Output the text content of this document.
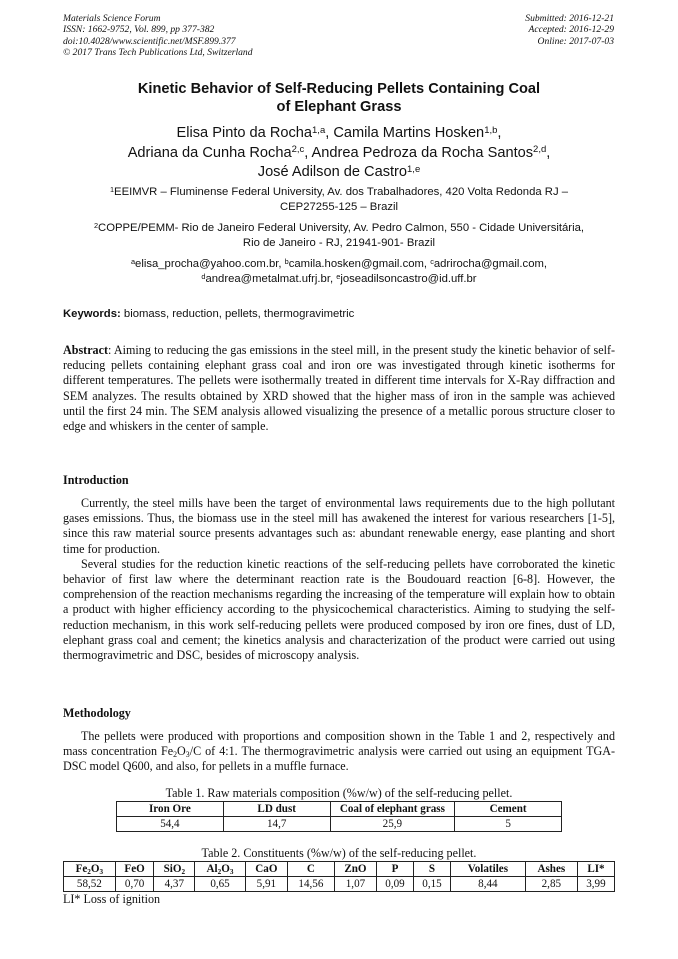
Materials Science Forum
ISSN: 1662-9752, Vol. 899, pp 377-382
doi:10.4028/www.scientific.net/MSF.899.377
© 2017 Trans Tech Publications Ltd, Switzerland
Submitted: 2016-12-21
Accepted: 2016-12-29
Online: 2017-07-03
Kinetic Behavior of Self-Reducing Pellets Containing Coal
of Elephant Grass
Elisa Pinto da Rocha$^{1,a}$, Camila Martins Hosken$^{1,b}$,
Adriana da Cunha Rocha$^{2,c}$, Andrea Pedroza da Rocha Santos$^{2,d}$,
José Adilson de Castro$^{1,e}$
$^1$EEIMVR – Fluminense Federal University, Av. dos Trabalhadores, 420 Volta Redonda RJ –
CEP27255-125 – Brazil
$^2$COPPE/PEMM- Rio de Janeiro Federal University, Av. Pedro Calmon, 550 - Cidade Universitária,
Rio de Janeiro - RJ, 21941-901- Brazil
$^a$elisa_procha@yahoo.com.br, $^b$camila.hosken@gmail.com, $^c$adrirocha@gmail.com,
$^d$andrea@metalmat.ufrj.br, $^e$joseadilsoncastro@id.uff.br
Keywords: biomass, reduction, pellets, thermogravimetric
Abstract: Aiming to reducing the gas emissions in the steel mill, in the present study the kinetic behavior of self-reducing pellets containing elephant grass coal and iron ore was investigated through kinetic isotherms for different temperatures. The pellets were isothermally treated in different time intervals for X-Ray diffraction and SEM analyzes. The results obtained by XRD showed that the higher mass of iron in the sample was achieved until the first 24 min. The SEM analysis allowed visualizing the presence of a metallic porous structure closer to edge and whiskers in the center of sample.
Introduction

Currently, the steel mills have been the target of environmental laws requirements due to the high pollutant gases emissions. Thus, the biomass use in the steel mill has awakened the interest for various researchers [1-5], since this raw material source presents advantages such as: abundant renewable energy, ease planting and short time for production.

Several studies for the reduction kinetic reactions of the self-reducing pellets have corroborated the kinetic behavior of first law where the determinant reaction rate is the Boudouard reaction [6-8]. However, the comprehension of the reaction mechanisms regarding the increasing of the temperature will explain how to obtain a product with higher efficiency according to the physicochemical characteristics. Aiming to studying the self-reduction mechanism, in this work self-reducing pellets were produced composed by iron ore fines, dust of LD, elephant grass coal and cement; the kinetics analysis and characterization of the product were carried out using thermogravimetric and DSC, besides of microscopy analysis.

Methodology

The pellets were produced with proportions and composition shown in the Table 1 and 2, respectively and mass concentration $Fe_2O_3/C$ of 4:1. The thermogravimetric analysis were carried out using an equipment TGA-DSC model Q600, and also, for pellets in a muffle furnace.

Table 1. Raw materials composition (%w/w) of the self-reducing pellet.
Iron Ore	LD dust	Coal of elephant grass	Cement
54,4	14,7	25,9	5
Table 2. Constituents (%w/w) of the self-reducing pellet.
$Fe_2O_3$	FeO	SiO$_2$	$Al_2O_3$	CaO	C	ZnO	P	S	Volatiles	Ashes	LI*
58,52	0,70	4,37	0,65	5,91	14,56	1,07	0,09	0,15	8,44	2,85	3,99
LI* Loss of ignition
